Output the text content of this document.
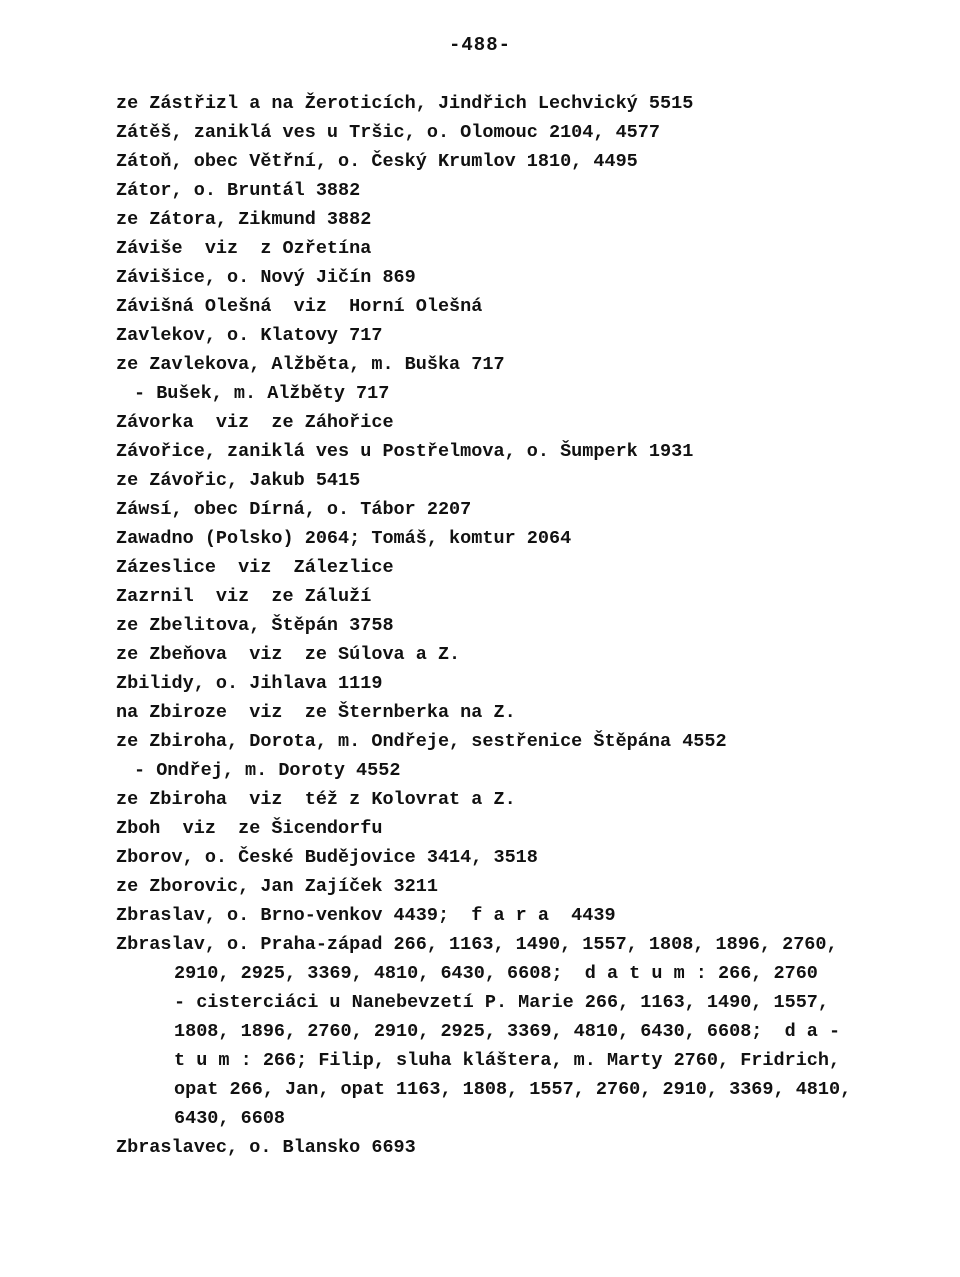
-488-
ze Zástřizl a na Žeroticích, Jindřich Lechvický 5515
Zátěš, zaniklá ves u Tršic, o. Olomouc 2104, 4577
Zátoň, obec Větřní, o. Český Krumlov 1810, 4495
Zátor, o. Bruntál 3882
ze Zátora, Zikmund 3882
Záviše  viz  z Ozřetína
Závišice, o. Nový Jičín 869
Závišná Olešná  viz  Horní Olešná
Zavlekov, o. Klatovy 717
ze Zavlekova, Alžběta, m. Buška 717
- Bušek, m. Alžběty 717
Závorka  viz  ze Záhořice
Závořice, zaniklá ves u Postřelmova, o. Šumperk 1931
ze Závořic, Jakub 5415
Záwsí, obec Dírná, o. Tábor 2207
Zawadno (Polsko) 2064; Tomáš, komtur 2064
Zázeslice  viz  Zálezlice
Zazrnil  viz  ze Záluží
ze Zbelitova, Štěpán 3758
ze Zbeňova  viz  ze Súlova a Z.
Zbilidy, o. Jihlava 1119
na Zbiroze  viz  ze Šternberka na Z.
ze Zbiroha, Dorota, m. Ondřeje, sestřenice Štěpána 4552
- Ondřej, m. Doroty 4552
ze Zbiroha  viz  též z Kolovrat a Z.
Zboh  viz  ze Šicendorfu
Zborov, o. České Budějovice 3414, 3518
ze Zborovic, Jan Zajíček 3211
Zbraslav, o. Brno-venkov 4439;  f a r a  4439
Zbraslav, o. Praha-západ 266, 1163, 1490, 1557, 1808, 1896, 2760,
2910, 2925, 3369, 4810, 6430, 6608;  d a t u m : 266, 2760
- cisterciáci u Nanebevzetí P. Marie 266, 1163, 1490, 1557,
1808, 1896, 2760, 2910, 2925, 3369, 4810, 6430, 6608;  d a -
t u m : 266; Filip, sluha kláštera, m. Marty 2760, Fridrich,
opat 266, Jan, opat 1163, 1808, 1557, 2760, 2910, 3369, 4810,
6430, 6608
Zbraslavec, o. Blansko 6693
